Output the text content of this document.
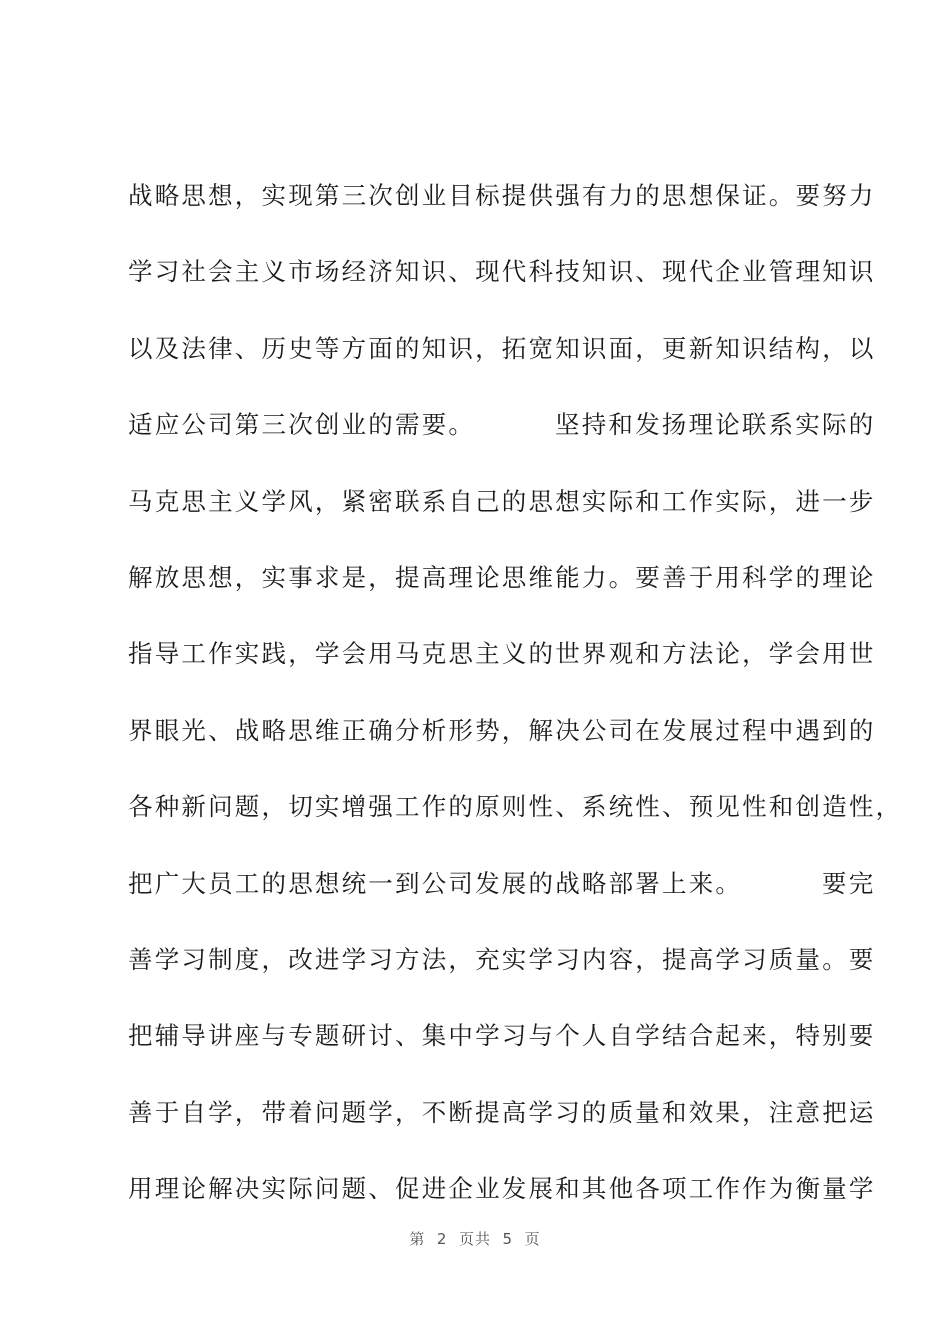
战略思想，实现第三次创业目标提供强有力的思想保证。要努力
学习社会主义市场经济知识、现代科技知识、现代企业管理知识
以及法律、历史等方面的知识，拓宽知识面，更新知识结构，以
适应公司第三次创业的需要。        坚持和发扬理论联系实际的
马克思主义学风，紧密联系自己的思想实际和工作实际，进一步
解放思想，实事求是，提高理论思维能力。要善于用科学的理论
指导工作实践，学会用马克思主义的世界观和方法论，学会用世
界眼光、战略思维正确分析形势，解决公司在发展过程中遇到的
各种新问题，切实增强工作的原则性、系统性、预见性和创造性，
把广大员工的思想统一到公司发展的战略部署上来。        要完
善学习制度，改进学习方法，充实学习内容，提高学习质量。要
把辅导讲座与专题研讨、集中学习与个人自学结合起来，特别要
善于自学，带着问题学，不断提高学习的质量和效果，注意把运
用理论解决实际问题、促进企业发展和其他各项工作作为衡量学
第  2  页共  5  页
